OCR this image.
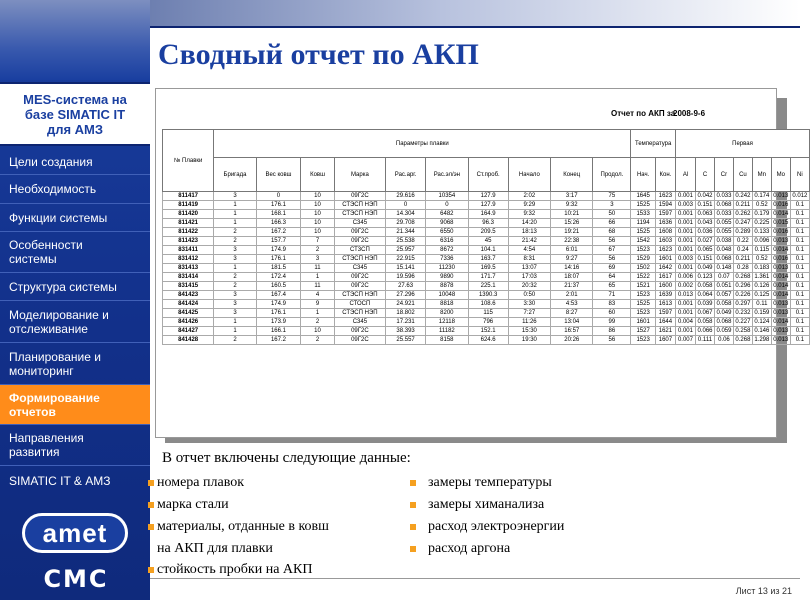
MES-система на
базе SIMATIC IT
для АМЗ
Цели создания
Необходимость
Функции системы
Особенности
системы
Структура системы
Моделирование и
отслеживание
Планирование и
мониторинг
Формирование
отчетов
Направления
развития
SIMATIC IT & АМЗ
amet
СМС
Сводный отчет по АКП
Отчет по АКП за
2008-9-6
№ Плавки	Параметры плавки										Температура		Первая						
	Бригада	Вес ковш	Ковш	Марка	Рас.арг.	Рас.эл/эн	Ст.проб.	Начало	Конец	Продол.	Нач.	Кон.	Al	C	Cr	Cu	Mn	Mo	Ni
811417	3	0	10	09Г2С	29.616	10354	127.9	2:02	3:17	75	1645	1623	0.001	0.042	0.033	0.242	0.174	0.013	0.012
811419	1	176.1	10	СТЭСП НЭП	0	0	127.9	9:29	9:32	3	1525	1594	0.003	0.151	0.068	0.211	0.52	0.016	0.1
811420	1	168.1	10	СТЭСП НЭП	14.304	6482	164.9	9:32	10:21	50	1533	1597	0.001	0.063	0.033	0.262	0.179	0.014	0.1
811421	1	166.3	10	С345	29.708	9068	96.3	14:20	15:26	66	1194	1636	0.001	0.043	0.055	0.247	0.225	0.015	0.1
811422	2	167.2	10	09Г2С	21.344	6550	209.5	18:13	19:21	68	1525	1608	0.001	0.036	0.055	0.289	0.133	0.016	0.1
811423	2	157.7	7	09Г2С	25.538	6316	45	21:42	22:38	56	1542	1603	0.001	0.027	0.038	0.22	0.096	0.013	0.1
831411	3	174.9	2	СТ3СП	25.957	8672	104.1	4:54	6:01	67	1523	1623	0.001	0.065	0.048	0.24	0.115	0.014	0.1
831412	3	176.1	3	СТЭСП НЭП	22.915	7336	163.7	8:31	9:27	56	1529	1601	0.003	0.151	0.068	0.211	0.52	0.016	0.1
831413	1	181.5	11	С345	15.141	11230	169.5	13:07	14:16	69	1502	1642	0.001	0.049	0.148	0.28	0.183	0.013	0.1
831414	2	172.4	1	09Г2С	19.596	9890	171.7	17:03	18:07	64	1522	1617	0.006	0.123	0.07	0.268	1.361	0.014	0.1
831415	2	160.5	11	09Г2С	27.63	8878	225.1	20:32	21:37	65	1521	1600	0.002	0.058	0.051	0.296	0.126	0.014	0.1
841423	3	167.4	4	СТЭСП НЭП	27.296	10048	1390.3	0:50	2:01	71	1523	1639	0.013	0.064	0.057	0.226	0.125	0.014	0.1
841424	3	174.9	9	СТОСП	24.921	8818	108.6	3:30	4:53	83	1525	1613	0.001	0.039	0.058	0.297	0.11	0.013	0.1
841425	3	176.1	1	СТЭСП НЭП	18.802	8200	115	7:27	8:27	60	1523	1597	0.001	0.067	0.049	0.232	0.159	0.013	0.1
841426	1	173.9	2	С345	17.231	12118	796	11:26	13:04	99	1601	1644	0.004	0.058	0.068	0.227	0.124	0.014	0.1
841427	1	166.1	10	09Г2С	38.393	11182	152.1	15:30	16:57	86	1527	1621	0.001	0.066	0.059	0.258	0.146	0.013	0.1
841428	2	167.2	2	09Г2С	25.557	8158	624.6	19:30	20:26	56	1523	1607	0.007	0.111	0.06	0.268	1.298	0.013	0.1
В отчет включены следующие данные:
номера плавок
марка стали
материалы, отданные в ковш
на АКП для плавки
стойкость пробки на АКП
замеры температуры
замеры химанализа
расход электроэнергии
расход аргона
Лист 13 из 21
